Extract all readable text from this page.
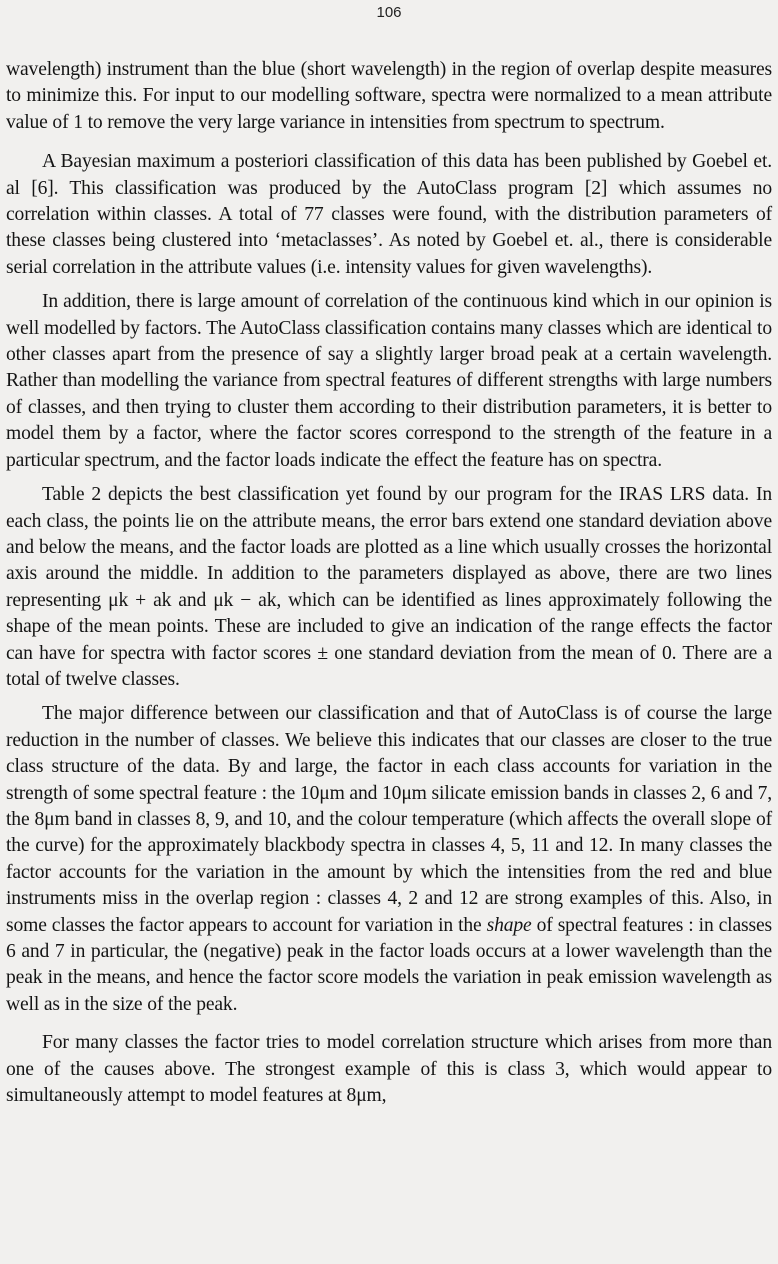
106

wavelength) instrument than the blue (short wavelength) in the region of overlap despite measures to minimize this. For input to our modelling software, spectra were normalized to a mean attribute value of 1 to remove the very large variance in intensities from spectrum to spectrum.

A Bayesian maximum a posteriori classification of this data has been published by Goebel et. al [6]. This classification was produced by the AutoClass program [2] which assumes no correlation within classes. A total of 77 classes were found, with the distribution parameters of these classes being clustered into ‘metaclasses’. As noted by Goebel et. al., there is considerable serial correlation in the attribute values (i.e. intensity values for given wavelengths).

In addition, there is large amount of correlation of the continuous kind which in our opinion is well modelled by factors. The AutoClass classification contains many classes which are identical to other classes apart from the presence of say a slightly larger broad peak at a certain wavelength. Rather than modelling the variance from spectral features of different strengths with large numbers of classes, and then trying to cluster them according to their distribution parameters, it is better to model them by a factor, where the factor scores correspond to the strength of the feature in a particular spectrum, and the factor loads indicate the effect the feature has on spectra.

Table 2 depicts the best classification yet found by our program for the IRAS LRS data. In each class, the points lie on the attribute means, the error bars extend one standard deviation above and below the means, and the factor loads are plotted as a line which usually crosses the horizontal axis around the middle. In addition to the parameters displayed as above, there are two lines representing μk + ak and μk − ak, which can be identified as lines approximately following the shape of the mean points. These are included to give an indication of the range effects the factor can have for spectra with factor scores ± one standard deviation from the mean of 0. There are a total of twelve classes.

The major difference between our classification and that of AutoClass is of course the large reduction in the number of classes. We believe this indicates that our classes are closer to the true class structure of the data. By and large, the factor in each class accounts for variation in the strength of some spectral feature : the 10μm and 10μm silicate emission bands in classes 2, 6 and 7, the 8μm band in classes 8, 9, and 10, and the colour temperature (which affects the overall slope of the curve) for the approximately blackbody spectra in classes 4, 5, 11 and 12. In many classes the factor accounts for the variation in the amount by which the intensities from the red and blue instruments miss in the overlap region : classes 4, 2 and 12 are strong examples of this. Also, in some classes the factor appears to account for variation in the shape of spectral features : in classes 6 and 7 in particular, the (negative) peak in the factor loads occurs at a lower wavelength than the peak in the means, and hence the factor score models the variation in peak emission wavelength as well as in the size of the peak.

For many classes the factor tries to model correlation structure which arises from more than one of the causes above. The strongest example of this is class 3, which would appear to simultaneously attempt to model features at 8μm,
